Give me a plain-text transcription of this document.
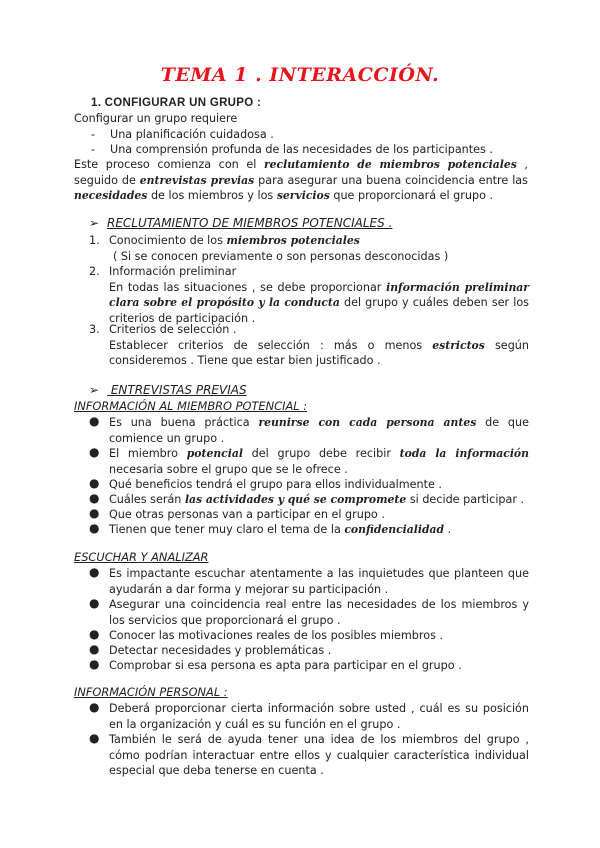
TEMA 1 . INTERACCIÓN.
1. CONFIGURAR UN GRUPO :
Configurar un grupo requiere
- Una planificación cuidadosa .
- Una comprensión profunda de las necesidades de los participantes .
Este proceso comienza con el reclutamiento de miembros potenciales , seguido de entrevistas previas para asegurar una buena coincidencia entre las necesidades de los miembros y los servicios que proporcionará el grupo .
➢ RECLUTAMIENTO DE MIEMBROS POTENCIALES .
1. Conocimiento de los miembros potenciales
( Si se conocen previamente o son personas desconocidas )
2. Información preliminar
En todas las situaciones , se debe proporcionar información preliminar clara sobre el propósito y la conducta del grupo y cuáles deben ser los criterios de participación .
3. Criterios de selección .
Establecer criterios de selección : más o menos estrictos según consideremos . Tiene que estar bien justificado .
➢ ENTREVISTAS PREVIAS
INFORMACIÓN AL MIEMBRO POTENCIAL :
● Es una buena práctica reunirse con cada persona antes de que comience un grupo .
● El miembro potencial del grupo debe recibir toda la información necesaria sobre el grupo que se le ofrece .
● Qué beneficios tendrá el grupo para ellos individualmente .
● Cuáles serán las actividades y qué se compromete si decide participar .
● Que otras personas van a participar en el grupo .
● Tienen que tener muy claro el tema de la confidencialidad .
ESCUCHAR Y ANALIZAR
● Es impactante escuchar atentamente a las inquietudes que planteen que ayudarán a dar forma y mejorar su participación .
● Asegurar una coincidencia real entre las necesidades de los miembros y los servicios que proporcionará el grupo .
● Conocer las motivaciones reales de los posibles miembros .
● Detectar necesidades y problemáticas .
● Comprobar si esa persona es apta para participar en el grupo .
INFORMACIÓN PERSONAL :
● Deberá proporcionar cierta información sobre usted , cuál es su posición en la organización y cuál es su función en el grupo .
● También le será de ayuda tener una idea de los miembros del grupo , cómo podrían interactuar entre ellos y cualquier característica individual especial que deba tenerse en cuenta .
